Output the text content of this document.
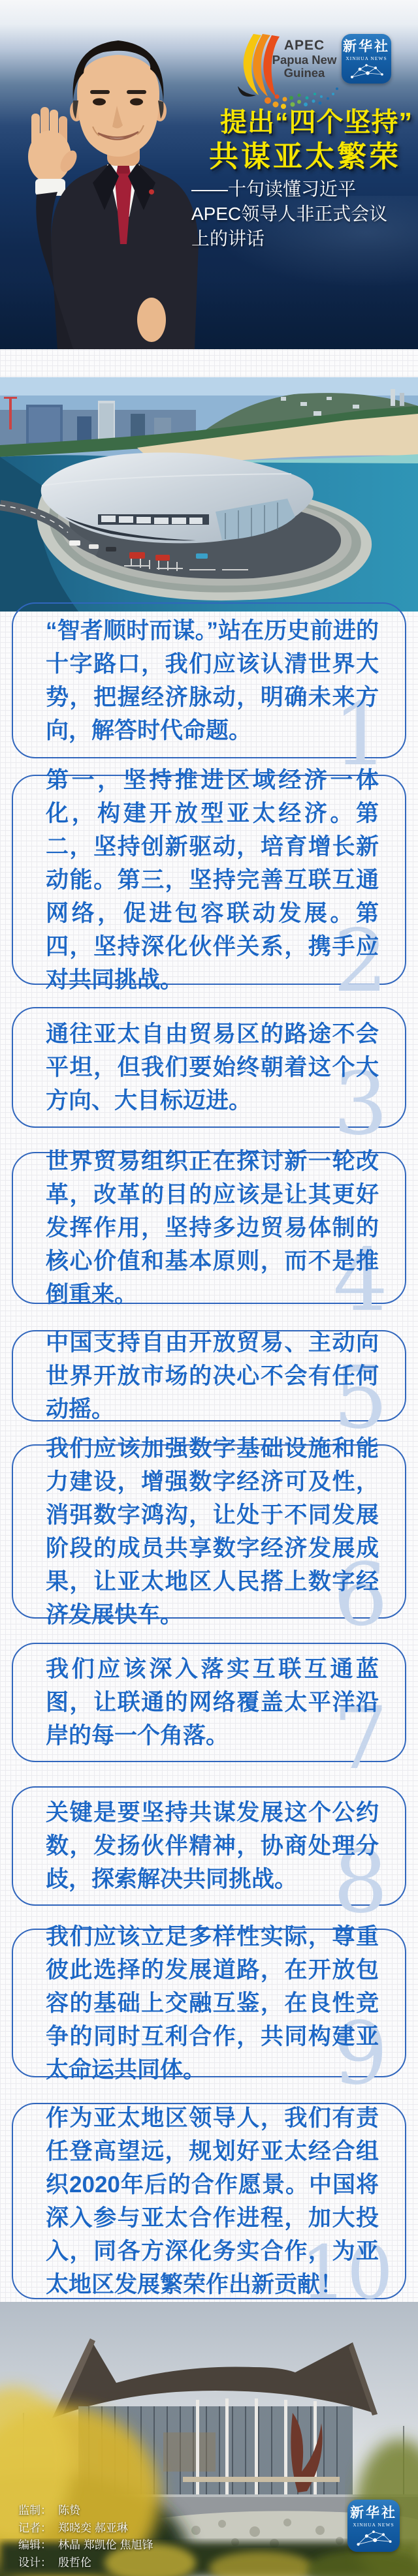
APEC
Papua New
Guinea
新华社
XINHUA NEWS
提出“四个坚持”
共谋亚太繁荣
——十句读懂习近平
APEC领导人非正式会议
上的讲话

“智者顺时而谋。”站在历史前进的十字路口，我们应该认清世界大势，把握经济脉动，明确未来方向，解答时代命题。 1

第一，坚持推进区域经济一体化，构建开放型亚太经济。第二，坚持创新驱动，培育增长新动能。第三，坚持完善互联互通网络，促进包容联动发展。第四，坚持深化伙伴关系，携手应对共同挑战。	2

通往亚太自由贸易区的路途不会平坦，但我们要始终朝着这个大方向、大目标迈进。 3

世界贸易组织正在探讨新一轮改革，改革的目的应该是让其更好发挥作用，坚持多边贸易体制的核心价值和基本原则，而不是推倒重来。	4

中国支持自由开放贸易、主动向世界开放市场的决心不会有任何动摇。	5

我们应该加强数字基础设施和能力建设，增强数字经济可及性，消弭数字鸿沟，让处于不同发展阶段的成员共享数字经济发展成果，让亚太地区人民搭上数字经济发展快车。	6

我们应该深入落实互联互通蓝图，让联通的网络覆盖太平洋沿岸的每一个角落。	7

关键是要坚持共谋发展这个公约数，发扬伙伴精神，协商处理分歧，探索解决共同挑战。 8

我们应该立足多样性实际，尊重彼此选择的发展道路，在开放包容的基础上交融互鉴，在良性竞争的同时互利合作，共同构建亚太命运共同体。	9

作为亚太地区领导人，我们有责任登高望远，规划好亚太经合组织2020年后的合作愿景。中国将深入参与亚太合作进程，加大投入，同各方深化务实合作，为亚太地区发展繁荣作出新贡献！

10
监制： 陈贽
记者： 郑晓奕 郝亚琳
编辑： 林晶 郑凯伦 焦旭锋
设计： 殷哲伦
新华社
XINHUA NEWS
